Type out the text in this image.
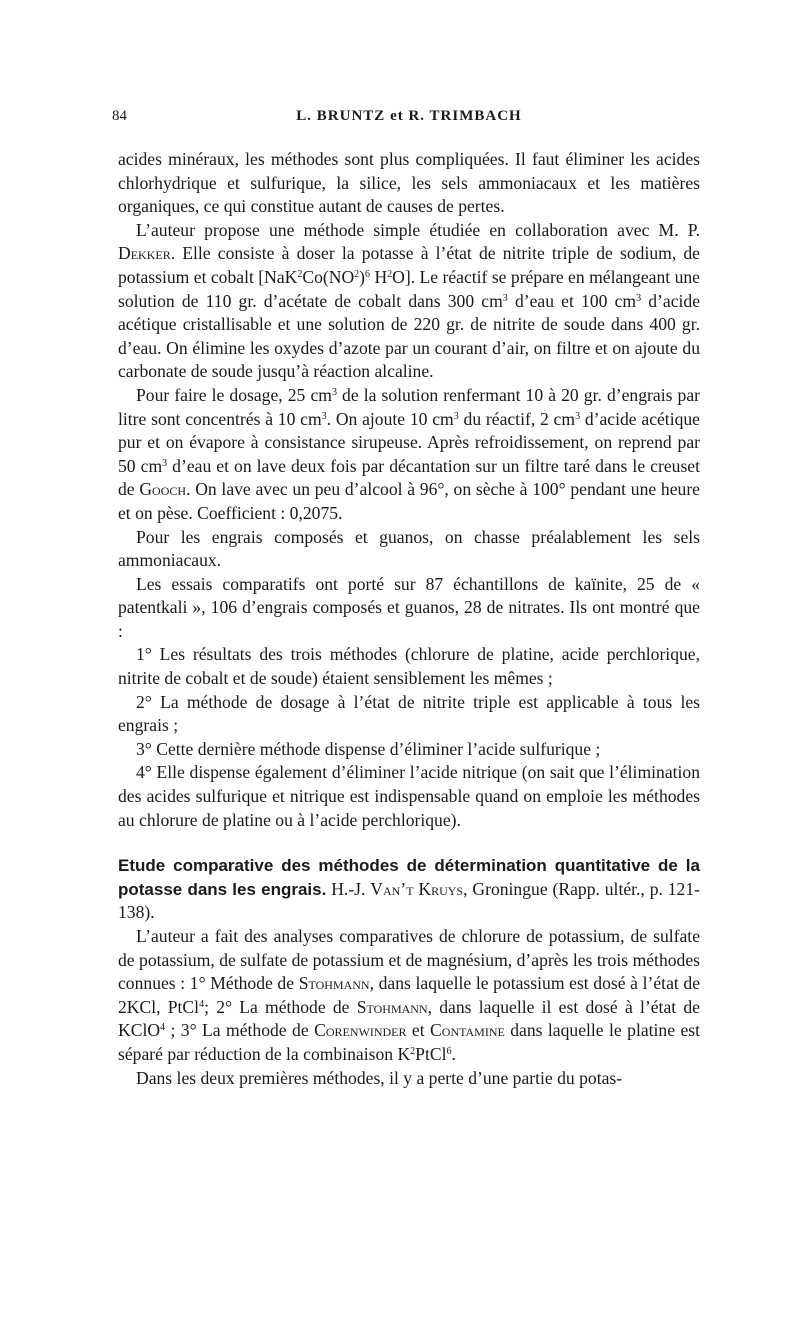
84	L. BRUNTZ et R. TRIMBACH

acides minéraux, les méthodes sont plus compliquées. Il faut éliminer les acides chlorhydrique et sulfurique, la silice, les sels ammoniacaux et les matières organiques, ce qui constitue autant de causes de pertes.

L’auteur propose une méthode simple étudiée en collaboration avec M. P. Dekker. Elle consiste à doser la potasse à l’état de nitrite triple de sodium, de potassium et cobalt [$NaK^2Co(NO^2)^6$ $H^2O$]. Le réactif se prépare en mélangeant une solution de 110 gr. d’acétate de cobalt dans 300 $cm^3$ d’eau et 100 $cm^3$ d’acide acétique cristallisable et une solution de 220 gr. de nitrite de soude dans 400 gr. d’eau. On élimine les oxydes d’azote par un courant d’air, on filtre et on ajoute du carbonate de soude jusqu’à réaction alcaline.

Pour faire le dosage, 25 $cm^3$ de la solution renfermant 10 à 20 gr. d’engrais par litre sont concentrés à 10 $cm^3$. On ajoute 10 $cm^3$ du réactif, 2 $cm^3$ d’acide acétique pur et on évapore à consistance sirupeuse. Après refroidissement, on reprend par 50 $cm^3$ d’eau et on lave deux fois par décantation sur un filtre taré dans le creuset de Gooch. On lave avec un peu d’alcool à 96°, on sèche à 100° pendant une heure et on pèse. Coefficient : 0,2075.

Pour les engrais composés et guanos, on chasse préalablement les sels ammoniacaux.

Les essais comparatifs ont porté sur 87 échantillons de kaïnite, 25 de « patentkali », 106 d’engrais composés et guanos, 28 de nitrates. Ils ont montré que :

1° Les résultats des trois méthodes (chlorure de platine, acide perchlorique, nitrite de cobalt et de soude) étaient sensiblement les mêmes ;

2° La méthode de dosage à l’état de nitrite triple est applicable à tous les engrais ;

3° Cette dernière méthode dispense d’éliminer l’acide sulfurique ;

4° Elle dispense également d’éliminer l’acide nitrique (on sait que l’élimination des acides sulfurique et nitrique est indispensable quand on emploie les méthodes au chlorure de platine ou à l’acide perchlorique).

Etude comparative des méthodes de détermination quantitative de la potasse dans les engrais. H.-J. Van’t Kruys, Groningue (Rapp. ultér., p. 121-138).

L’auteur a fait des analyses comparatives de chlorure de potassium, de sulfate de potassium, de sulfate de potassium et de magnésium, d’après les trois méthodes connues : 1° Méthode de Stohmann, dans laquelle le potassium est dosé à l’état de 2KCl, PtCl$^4$; 2° La méthode de Stohmann, dans laquelle il est dosé à l’état de KClO$^4$ ; 3° La méthode de Corenwinder et Contamine dans laquelle le platine est séparé par réduction de la combinaison $K^2PtCl^6$.

Dans les deux premières méthodes, il y a perte d’une partie du potas-
